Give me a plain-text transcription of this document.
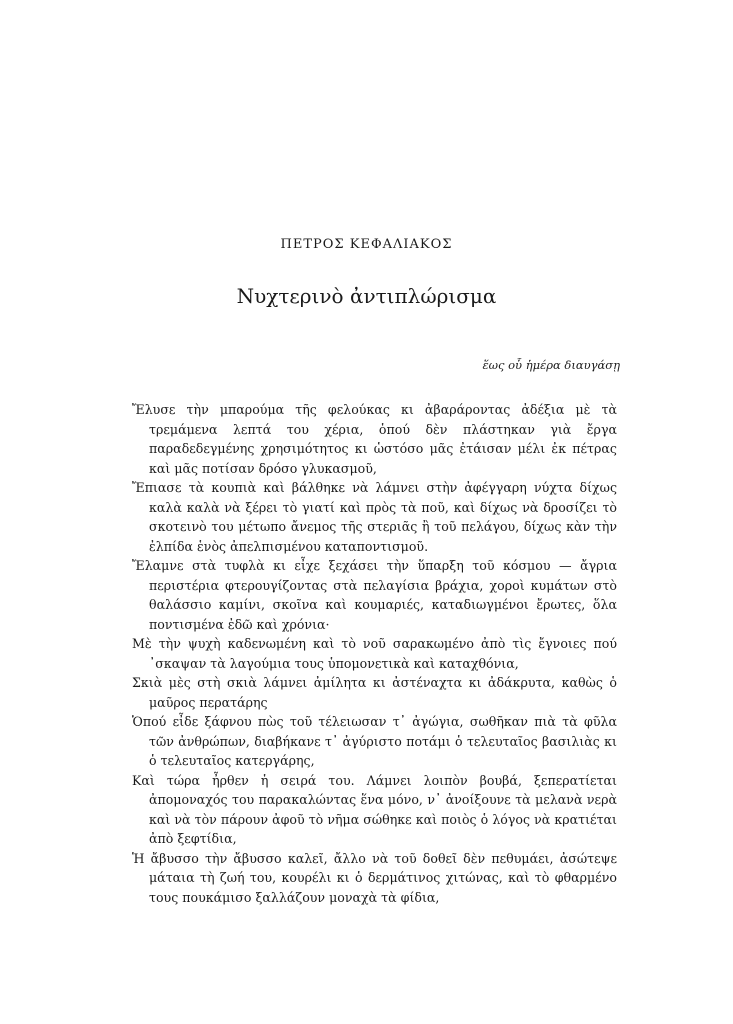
ΠΕΤΡΟΣ ΚΕΦΑΛΙΑΚΟΣ
Νυχτερινὸ ἀντιπλώρισμα
ἕως οὗ ἡμέρα διαυγάσῃ

Ἔλυσε τὴν μπαρούμα τῆς φελούκας κι ἀβαράροντας ἀδέξια μὲ τὰ τρεμάμενα λεπτά του χέρια, ὁπού δὲν πλάστηκαν γιὰ ἔργα παραδεδεγμένης χρησιμότητος κι ὡστόσο μᾶς ἐτάισαν μέλι ἐκ πέτρας καὶ μᾶς ποτίσαν δρόσο γλυκασμοῦ,

Ἔπιασε τὰ κουπιὰ καὶ βάλθηκε νὰ λάμνει στὴν ἀφέγγαρη νύχτα δίχως καλὰ καλὰ νὰ ξέρει τὸ γιατί καὶ πρὸς τὰ ποῦ, καὶ δίχως νὰ δροσίζει τὸ σκοτεινὸ του μέτωπο ἄνεμος τῆς στεριᾶς ἢ τοῦ πελάγου, δίχως κὰν τὴν ἐλπίδα ἑνὸς ἀπελπισμένου καταποντισμοῦ.

Ἔλαμνε στὰ τυφλὰ κι εἶχε ξεχάσει τὴν ὕπαρξη τοῦ κόσμου — ἄγρια περιστέρια φτερουγίζοντας στὰ πελαγίσια βράχια, χοροὶ κυμάτων στὸ θαλάσσιο καμίνι, σκοῖνα καὶ κουμαριές, καταδιωγμένοι ἔρωτες, ὅλα ποντισμένα ἐδῶ καὶ χρόνια·

Μὲ τὴν ψυχὴ καδενωμένη καὶ τὸ νοῦ σαρακωμένο ἀπὸ τὶς ἔγνοιες πού ᾿σκαψαν τὰ λαγούμια τους ὑπομονετικὰ καὶ καταχθόνια,

Σκιὰ μὲς στὴ σκιὰ λάμνει ἀμίλητα κι ἀστέναχτα κι ἀδάκρυτα, καθὼς ὁ μαῦρος περατάρης

Ὁπού εἶδε ξάφνου πὼς τοῦ τέλειωσαν τ᾿ ἀγώγια, σωθῆκαν πιὰ τὰ φῦλα τῶν ἀνθρώπων, διαβήκανε τ᾿ ἀγύριστο ποτάμι ὁ τελευταῖος βασιλιὰς κι ὁ τελευταῖος κατεργάρης,

Καὶ τώρα ἦρθεν ἡ σειρά του. Λάμνει λοιπὸν βουβά, ξεπερατίεται ἀπομοναχός του παρακαλώντας ἕνα μόνο, ν᾿ ἀνοίξουνε τὰ μελανὰ νερὰ καὶ νὰ τὸν πάρουν ἀφοῦ τὸ νῆμα σώθηκε καὶ ποιὸς ὁ λόγος νὰ κρατιέται ἀπὸ ξεφτίδια,

Ἡ ἄβυσσο τὴν ἄβυσσο καλεῖ, ἄλλο νὰ τοῦ δοθεῖ δὲν πεθυμάει, ἀσώτεψε μάταια τὴ ζωή του, κουρέλι κι ὁ δερμάτινος χιτώνας, καὶ τὸ φθαρμένο τους πουκάμισο ξαλλάζουν μοναχὰ τὰ φίδια,
